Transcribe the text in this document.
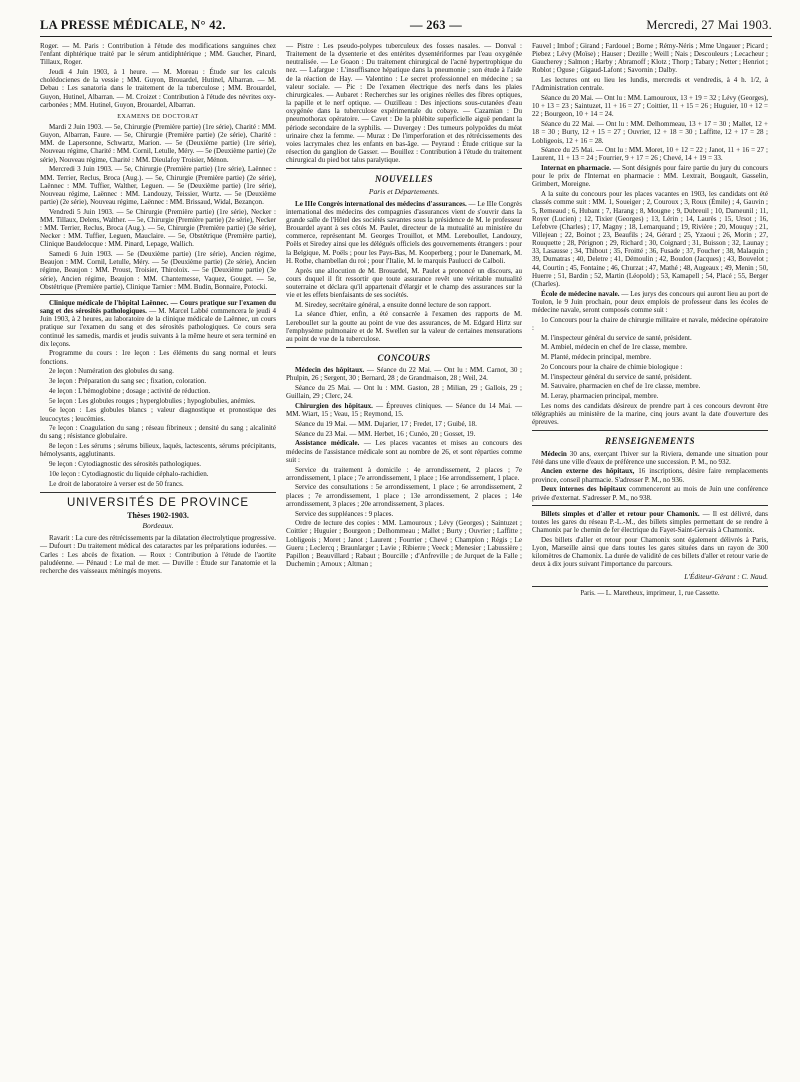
LA PRESSE MÉDICALE, N° 42.	— 263 —	Mercredi, 27 Mai 1903.

Roger. — M. Paris : Contribution à l'étude des modifications sanguines chez l'enfant diphtérique traité par le sérum antidiphtérique ; MM. Gaucher, Pinard, Tillaux, Roger.

Jeudi 4 Juin 1903, à 1 heure. — M. Moreau : Étude sur les calculs cholédocienes de la vessie ; MM. Guyon, Brouardel, Hutinel, Albarran. — M. Debau : Les sanatoria dans le traitement de la tuberculose ; MM. Brouardel, Guyon, Hutinel, Albarran. — M. Croizet : Contribution à l'étude des névrites oxy-carbonées ; MM. Hutinel, Guyon, Brouardel, Albarran.

EXAMENS DE DOCTORAT

Mardi 2 Juin 1903. — 5e, Chirurgie (Première partie) (1re série), Charité : MM. Guyon, Albarran, Faure. — 5e, Chirurgie (Première partie) (2e série), Charité : MM. de Lapersonne, Schwartz, Marion. — 5e (Deuxième partie) (1re série), Nouveau régime, Charité : MM. Cornil, Letulle, Méry. — 5e (Deuxième partie) (2e série), Nouveau régime, Charité : MM. Dieulafoy Troisier, Ménon.

Mercredi 3 Juin 1903. — 5e, Chirurgie (Première partie) (1re série), Laënnec : MM. Terrier, Reclus, Broca (Aug.). — 5e, Chirurgie (Première partie) (2e série), Laënnec : MM. Tuffier, Walther, Leguen. — 5e (Deuxième partie) (1re série), Nouveau régime, Laënnec : MM. Landouzy, Teissier, Wurtz. — 5e (Deuxième partie) (2e série), Nouveau régime, Laënnec : MM. Brissaud, Widal, Bezançon.

Vendredi 5 Juin 1903. — 5e Chirurgie (Première partie) (1re série), Necker : MM. Tillaux, Delens, Walther. — 5e, Chirurgie (Première partie) (2e série), Necker : MM. Terrier, Reclus, Broca (Aug.). — 5e, Chirurgie (Première partie) (3e série), Necker : MM. Tuffier, Leguen, Mauclaire. — 5e, Obstétrique (Première partie), Clinique Baudelocque : MM. Pinard, Lepage, Wallich.

Samedi 6 Juin 1903. — 5e (Deuxième partie) (1re série), Ancien régime, Beaujon : MM. Cornil, Letulle, Méry. — 5e (Deuxième partie) (2e série), Ancien régime, Beaujon : MM. Proust, Troisier, Thiroloix. — 5e (Deuxième partie) (3e série), Ancien régime, Beaujon : MM. Chantemesse, Vaquez, Gouget. — 5e, Obstétrique (Première partie), Clinique Tarnier : MM. Budin, Bonnaire, Potocki.

Clinique médicale de l'hôpital Laënnec. — Cours pratique sur l'examen du sang et des sérosités pathologiques. — M. Marcel Labbé commencera le jeudi 4 Juin 1903, à 2 heures, au laboratoire de la clinique médicale de Laënnec, un cours pratique sur l'examen du sang et des sérosités pathologiques. Ce cours sera continué les samedis, mardis et jeudis suivants à la même heure et sera terminé en dix leçons.

Programme du cours : 1re leçon : Les éléments du sang normal et leurs fonctions.

2e leçon : Numération des globules du sang.

3e leçon : Préparation du sang sec ; fixation, coloration.

4e leçon : L'hémoglobine ; dosage ; activité de réduction.

5e leçon : Les globules rouges ; hyperglobulies ; hypoglobulies, anémies.

6e leçon : Les globules blancs ; valeur diagnostique et pronostique des leucocytes ; leucémies.

7e leçon : Coagulation du sang ; réseau fibrineux ; densité du sang ; alcalinité du sang ; résistance globulaire.

8e leçon : Les sérums ; sérums bilieux, laqués, lactescents, sérums précipitants, hémolysants, agglutinants.

9e leçon : Cytodiagnostic des sérosités pathologiques.

10e leçon : Cytodiagnostic du liquide céphalo-rachidien.

Le droit de laboratoire à verser est de 50 francs.

UNIVERSITÉS DE PROVINCE
Thèses 1902-1903.
Bordeaux.

Ravarit : La cure des rétrécissements par la dilatation électrolytique progressive. — Dufourt : Du traitement médical des cataractes par les préparations iodurées. — Carles : Les abcès de fixation. — Roux : Contribution à l'étude de l'aortite paludéenne. — Pénaud : Le mal de mer. — Duville : Étude sur l'anatomie et la recherche des vaisseaux méningés moyens.

— Pistre : Les pseudo-polypes tuberculeux des fosses nasales. — Donval : Traitement de la dysenterie et des entérites dysentériformes par l'eau oxygénée neutralisée. — Le Goaon : Du traitement chirurgical de l'acné hypertrophique du nez. — Lafargue : L'insuffisance hépatique dans la pneumonie ; son étude à l'aide de la réaction de Hay. — Valentino : Le secret professionnel en médecine ; sa valeur sociale. — Pic : De l'examen électrique des nerfs dans les plaies chirurgicales. — Aubaret : Recherches sur les origines réelles des fibres optiques, la papille et le nerf optique. — Ouzilleau : Des injections sous-cutanées d'eau oxygénée dans la tuberculose expérimentale du cobaye. — Cazamian : Du pneumothorax opératoire. — Cavet : De la phlébite superficielle aiguë pendant la période secondaire de la syphilis. — Duvergey : Des tumeurs polypoïdes du méat urinaire chez la femme. — Muraz : De l'imperforation et des rétrécissements des voies lacrymales chez les enfants en bas-âge. — Peyraud : Étude critique sur la résection du ganglion de Gasser. — Bouillez : Contribution à l'étude du traitement chirurgical du pied bot talus paralytique.

NOUVELLES
Paris et Départements.

Le IIIe Congrès international des médecins d'assurances. — Le IIIe Congrès international des médecins des compagnies d'assurances vient de s'ouvrir dans la grande salle de l'Hôtel des sociétés savantes sous la présidence de M. le professeur Brouardel ayant à ses côtés M. Paulet, directeur de la mutualité au ministère du commerce, représentant M. Georges Trouillot, et MM. Lereboullet, Landouzy, Poëls et Siredey ainsi que les délégués officiels des gouvernements étrangers : pour la Belgique, M. Poëls ; pour les Pays-Bas, M. Kooperberg ; pour le Danemark, M. H. Rothe, chambellan du roi ; pour l'Italie, M. le marquis Paulucci de Calboli.

Après une allocution de M. Brouardel, M. Paulet a prononcé un discours, au cours duquel il fit ressortir que toute assurance revêt une véritable mutualité souterraine et déclara qu'il appartenait d'élargir et le champ des assurances sur la vie et les effets bienfaisants de ses sociétés.

M. Siredey, secrétaire général, a ensuite donné lecture de son rapport.

La séance d'hier, enfin, a été consacrée à l'examen des rapports de M. Lereboullet sur la goutte au point de vue des assurances, de M. Edgard Hirtz sur l'emphysème pulmonaire et de M. Swellen sur la valeur de certaines mensurations au point de vue de la tuberculose.

CONCOURS

Médecin des hôpitaux. — Séance du 22 Mai. — Ont lu : MM. Carnot, 30 ; Phulpin, 26 ; Sergent, 30 ; Bernard, 28 ; de Grandmaison, 28 ; Weil, 24.

Séance du 25 Mai. — Ont lu : MM. Gaston, 28 ; Milian, 29 ; Gallois, 29 ; Guillain, 29 ; Clerc, 24.

Chirurgien des hôpitaux. — Épreuves cliniques. — Séance du 14 Mai. — MM. Wiart, 15 ; Veau, 15 ; Reymond, 15.

Séance du 19 Mai. — MM. Dujarier, 17 ; Fredet, 17 ; Guibé, 18.

Séance du 23 Mai. — MM. Herbet, 16 ; Cunéo, 20 ; Gosset, 19.

Assistance médicale. — Les places vacantes et mises au concours des médecins de l'assistance médicale sont au nombre de 26, et sont réparties comme suit :

Service du traitement à domicile : 4e arrondissement, 2 places ; 7e arrondissement, 1 place ; 7e arrondissement, 1 place ; 16e arrondissement, 1 place.

Service des consultations : 5e arrondissement, 1 place ; 6e arrondissement, 2 places ; 7e arrondissement, 1 place ; 13e arrondissement, 2 places ; 14e arrondissement, 3 places ; 20e arrondissement, 3 places.

Service des suppléances : 9 places.

Ordre de lecture des copies : MM. Lamouroux ; Lévy (Georges) ; Saintuzet ; Coittier ; Huguier ; Bourgeon ; Delhommeau ; Mallet ; Burty ; Ouvrier ; Laffitte ; Lobligeois ; Moret ; Janot ; Laurent ; Fourrier ; Chevé ; Champion ; Régis ; Le Gueru ; Leclercq ; Braunlarger ; Lavie ; Ribierre ; Veeck ; Menesier ; Labussière ; Papillon ; Beauvillard ; Rabaut ; Bourcille ; d'Anfreville ; de Jurquet de la Falle ; Duchemin ; Arnoux ; Altman ;

Fauvel ; Imbof ; Girand ; Fardouel ; Borne ; Rémy-Néris ; Mme Ungauer ; Picard ; Piebez ; Lévy (Moïse) ; Hauser ; Dezille ; Weill ; Nais ; Descouleurs ; Lecacheur ; Gaucherey ; Salmon ; Harby ; Abramoff ; Klotz ; Thorp ; Tabary ; Netter ; Henriot ; Roblot ; Oguse ; Gigaud-Lafont ; Savornin ; Dalby.

Les lectures ont eu lieu les lundis, mercredis et vendredis, à 4 h. 1/2, à l'Administration centrale.

Séance du 20 Mai. — Ont lu : MM. Lamouroux, 13 + 19 = 32 ; Lévy (Georges), 10 + 13 = 23 ; Saintuzet, 11 + 16 = 27 ; Coittier, 11 + 15 = 26 ; Huguier, 10 + 12 = 22 ; Bourgeon, 10 + 14 = 24.

Séance du 22 Mai. — Ont lu : MM. Delhommeau, 13 + 17 = 30 ; Mallet, 12 + 18 = 30 ; Burty, 12 + 15 = 27 ; Ouvrier, 12 + 18 = 30 ; Laffitte, 12 + 17 = 28 ; Lobligeois, 12 + 16 = 28.

Séance du 25 Mai. — Ont lu : MM. Moret, 10 + 12 = 22 ; Janot, 11 + 16 = 27 ; Laurent, 11 + 13 = 24 ; Fourrier, 9 + 17 = 26 ; Chevé, 14 + 19 = 33.

Internat en pharmacie. — Sont désignés pour faire partie du jury du concours pour le prix de l'Internat en pharmacie : MM. Lextrait, Bougault, Gasselin, Grimbert, Moreigne.

A la suite du concours pour les places vacantes en 1903, les candidats ont été classés comme suit : MM. 1, Soueiger ; 2, Couroux ; 3, Roux (Émile) ; 4, Gauvin ; 5, Remeaud ; 6, Hubant ; 7, Harang ; 8, Mougne ; 9, Dubreuil ; 10, Dameunil ; 11, Royer (Lucien) ; 12, Tixier (Georges) ; 13, Lérin ; 14, Laurès ; 15, Ursot ; 16, Lefebvre (Charles) ; 17, Magny ; 18, Lemarquand ; 19, Rivière ; 20, Mouquy ; 21, Villejean ; 22, Boinot ; 23, Beaufils ; 24, Gérard ; 25, Yzaoui ; 26, Morin ; 27, Rouquette ; 28, Pérignon ; 29, Richard ; 30, Coignard ; 31, Buisson ; 32, Launay ; 33, Lasausse ; 34, Thibout ; 35, Froitté ; 36, Fusade ; 37, Foucher ; 38, Malaquin ; 39, Dumatras ; 40, Deletre ; 41, Démoulin ; 42, Boudon (Jacques) ; 43, Bouvelot ; 44, Courtin ; 45, Fontaine ; 46, Churzat ; 47, Mathé ; 48, Augeaux ; 49, Menin ; 50, Huerre ; 51, Bardin ; 52, Martin (Léopold) ; 53, Kamapell ; 54, Placé ; 55, Berger (Charles).

École de médecine navale. — Les jurys des concours qui auront lieu au port de Toulon, le 9 Juin prochain, pour deux emplois de professeur dans les écoles de médecine navale, seront composés comme suit :

1o Concours pour la chaire de chirurgie militaire et navale, médecine opératoire :

M. l'inspecteur général du service de santé, président.

M. Ambiel, médecin en chef de 1re classe, membre.

M. Planté, médecin principal, membre.

2o Concours pour la chaire de chimie biologique :

M. l'inspecteur général du service de santé, président.

M. Sauvaire, pharmacien en chef de 1re classe, membre.

M. Leray, pharmacien principal, membre.

Les noms des candidats désireux de prendre part à ces concours devront être télégraphiés au ministère de la marine, cinq jours avant la date d'ouverture des épreuves.

RENSEIGNEMENTS

Médecin 30 ans, exerçant l'hiver sur la Riviera, demande une situation pour l'été dans une ville d'eaux de préférence une succession. P. M., no 932.

Ancien externe des hôpitaux, 16 inscriptions, désire faire remplacements province, conseil pharmacie. S'adresser P. M., no 936.

Deux internes des hôpitaux commenceront au mois de Juin une conférence privée d'externat. S'adresser P. M., no 938.

Billets simples et d'aller et retour pour Chamonix. — Il est délivré, dans toutes les gares du réseau P.-L.-M., des billets simples permettant de se rendre à Chamonix par le chemin de fer électrique du Fayet-Saint-Gervais à Chamonix.

Des billets d'aller et retour pour Chamonix sont également délivrés à Paris, Lyon, Marseille ainsi que dans toutes les gares situées dans un rayon de 300 kilomètres de Chamonix. La durée de validité de ces billets d'aller et retour varie de deux à dix jours suivant l'importance du parcours.

L'Éditeur-Gérant : C. Naud.
Paris. — L. Maretheux, imprimeur, 1, rue Cassette.
